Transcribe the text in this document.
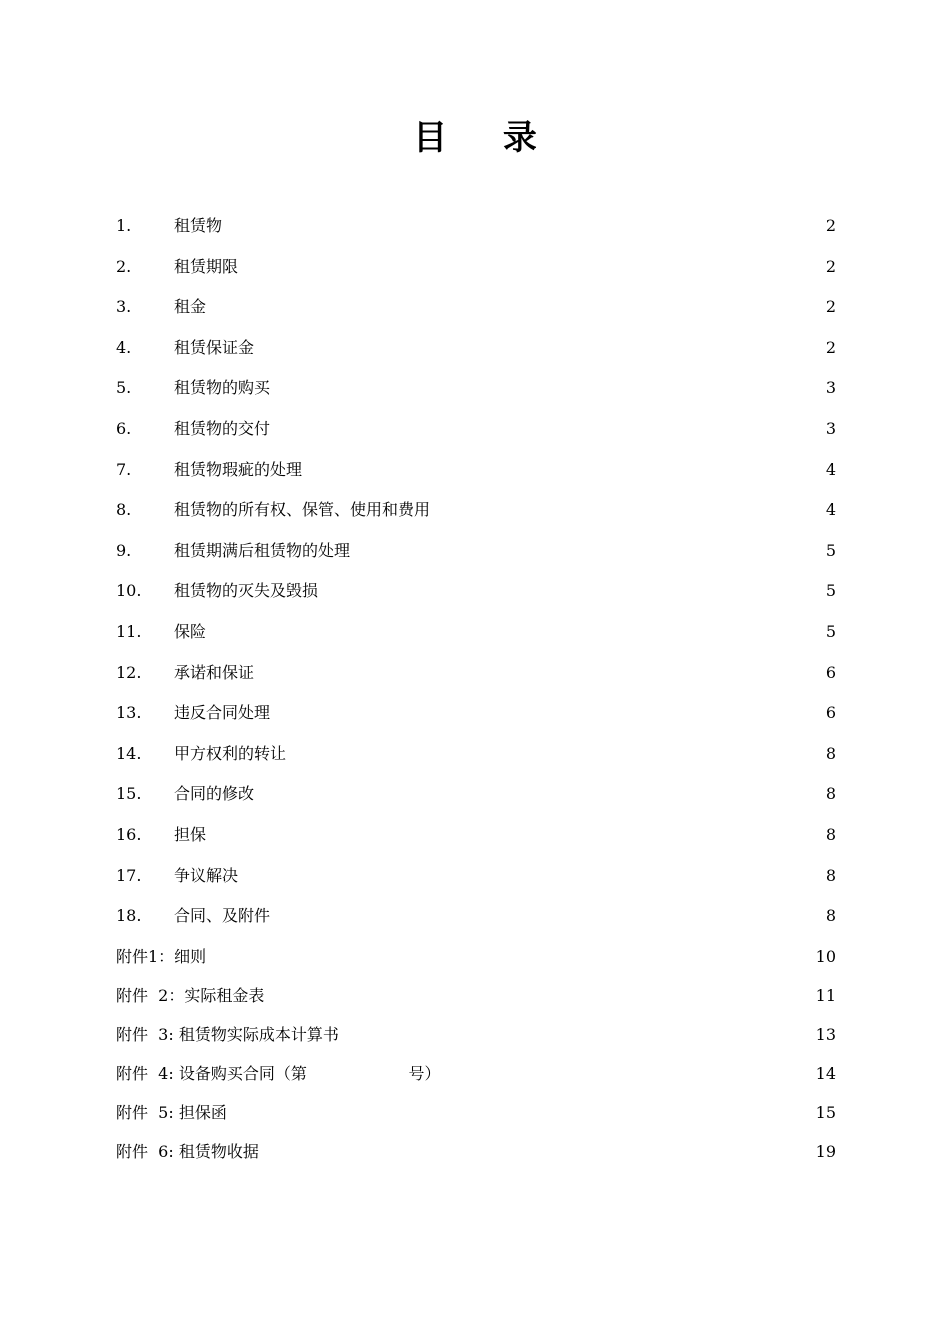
目 录
1.	租赁物	2
2.	租赁期限	2
3.	租金	2
4.	租赁保证金	2
5.	租赁物的购买	3
6.	租赁物的交付	3
7.	租赁物瑕疵的处理	4
8.	租赁物的所有权、保管、使用和费用	4
9.	租赁期满后租赁物的处理	5
10. 租赁物的灭失及毁损	5
11. 保险	5
12. 承诺和保证	6
13. 违反合同处理	6
14. 甲方权利的转让	8
15. 合同的修改	8
16. 担保	8
17. 争议解决	8
18. 合同、及附件	8
附件1：细则	10
附件  2：实际租金表	11
附件  3: 租赁物实际成本计算书	13
附件  4: 设备购买合同（第                    号）	14
附件  5: 担保函	15
附件  6: 租赁物收据	19
